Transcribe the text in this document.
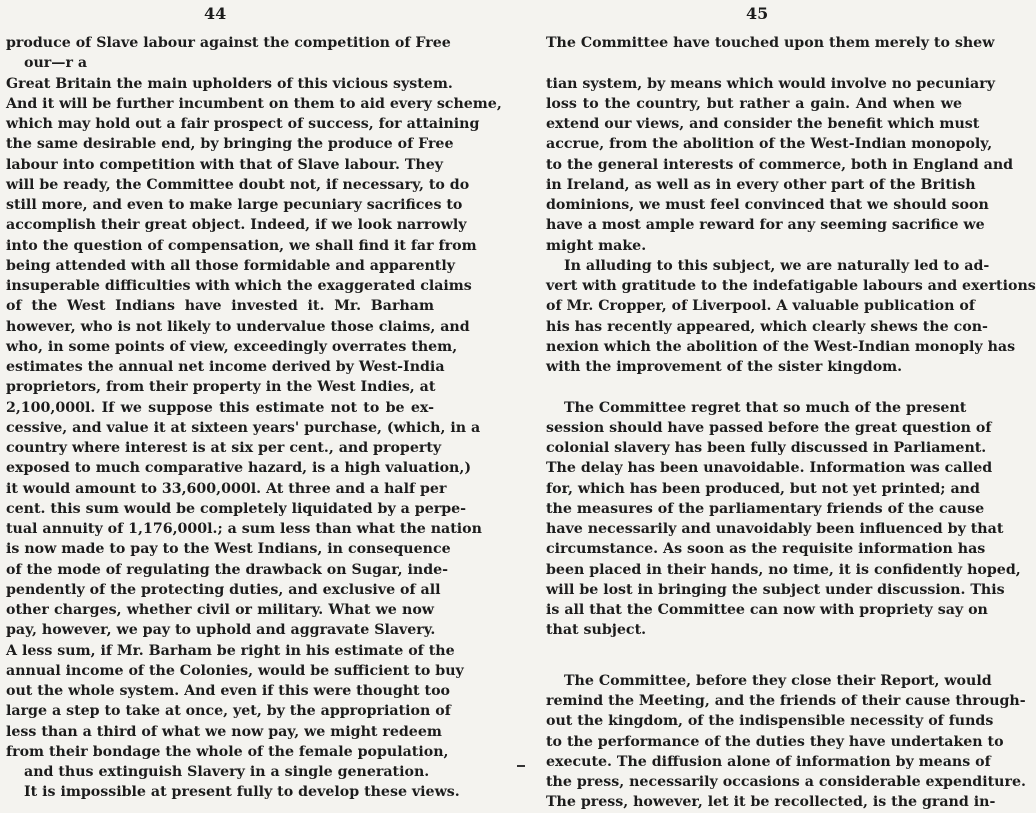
44
produce of Slave labour against the competition of Free
our—r a
Great Britain the main upholders of this vicious system.
And it will be further incumbent on them to aid every scheme,
which may hold out a fair prospect of success, for attaining
the same desirable end, by bringing the produce of Free
labour into competition with that of Slave labour. They
will be ready, the Committee doubt not, if necessary, to do
still more, and even to make large pecuniary sacrifices to
accomplish their great object. Indeed, if we look narrowly
into the question of compensation, we shall find it far from
being attended with all those formidable and apparently
insuperable difficulties with which the exaggerated claims
of the West Indians have invested it. Mr. Barham
however, who is not likely to undervalue those claims, and
who, in some points of view, exceedingly overrates them,
estimates the annual net income derived by West-India
proprietors, from their property in the West Indies, at
2,100,000l. If we suppose this estimate not to be ex-
cessive, and value it at sixteen years' purchase, (which, in a
country where interest is at six per cent., and property
exposed to much comparative hazard, is a high valuation,)
it would amount to 33,600,000l. At three and a half per
cent. this sum would be completely liquidated by a perpe-
tual annuity of 1,176,000l.; a sum less than what the nation
is now made to pay to the West Indians, in consequence
of the mode of regulating the drawback on Sugar, inde-
pendently of the protecting duties, and exclusive of all
other charges, whether civil or military. What we now
pay, however, we pay to uphold and aggravate Slavery.
A less sum, if Mr. Barham be right in his estimate of the
annual income of the Colonies, would be sufficient to buy
out the whole system. And even if this were thought too
large a step to take at once, yet, by the appropriation of
less than a third of what we now pay, we might redeem
from their bondage the whole of the female population,
and thus extinguish Slavery in a single generation.
It is impossible at present fully to develop these views.
45
The Committee have touched upon them merely to shew
tian system, by means which would involve no pecuniary
loss to the country, but rather a gain. And when we
extend our views, and consider the benefit which must
accrue, from the abolition of the West-Indian monopoly,
to the general interests of commerce, both in England and
in Ireland, as well as in every other part of the British
dominions, we must feel convinced that we should soon
have a most ample reward for any seeming sacrifice we
might make.
In alluding to this subject, we are naturally led to ad-
vert with gratitude to the indefatigable labours and exertions
of Mr. Cropper, of Liverpool. A valuable publication of
his has recently appeared, which clearly shews the con-
nexion which the abolition of the West-Indian monoply has
with the improvement of the sister kingdom.
The Committee regret that so much of the present
session should have passed before the great question of
colonial slavery has been fully discussed in Parliament.
The delay has been unavoidable. Information was called
for, which has been produced, but not yet printed; and
the measures of the parliamentary friends of the cause
have necessarily and unavoidably been influenced by that
circumstance. As soon as the requisite information has
been placed in their hands, no time, it is confidently hoped,
will be lost in bringing the subject under discussion. This
is all that the Committee can now with propriety say on
that subject.
The Committee, before they close their Report, would
remind the Meeting, and the friends of their cause through-
out the kingdom, of the indispensible necessity of funds
to the performance of the duties they have undertaken to
execute. The diffusion alone of information by means of
the press, necessarily occasions a considerable expenditure.
The press, however, let it be recollected, is the grand in-
